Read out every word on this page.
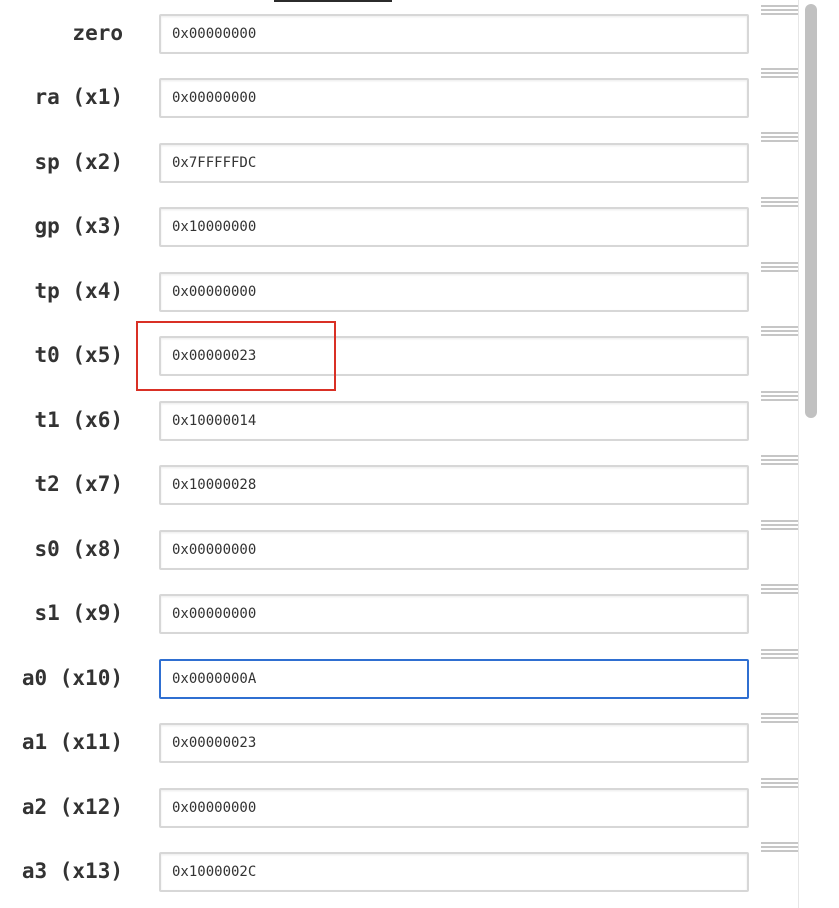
zero
0x00000000
ra (x1)
0x00000000
sp (x2)
0x7FFFFFDC
gp (x3)
0x10000000
tp (x4)
0x00000000
t0 (x5)
0x00000023
t1 (x6)
0x10000014
t2 (x7)
0x10000028
s0 (x8)
0x00000000
s1 (x9)
0x00000000
a0 (x10)
0x0000000A
a1 (x11)
0x00000023
a2 (x12)
0x00000000
a3 (x13)
0x1000002C
